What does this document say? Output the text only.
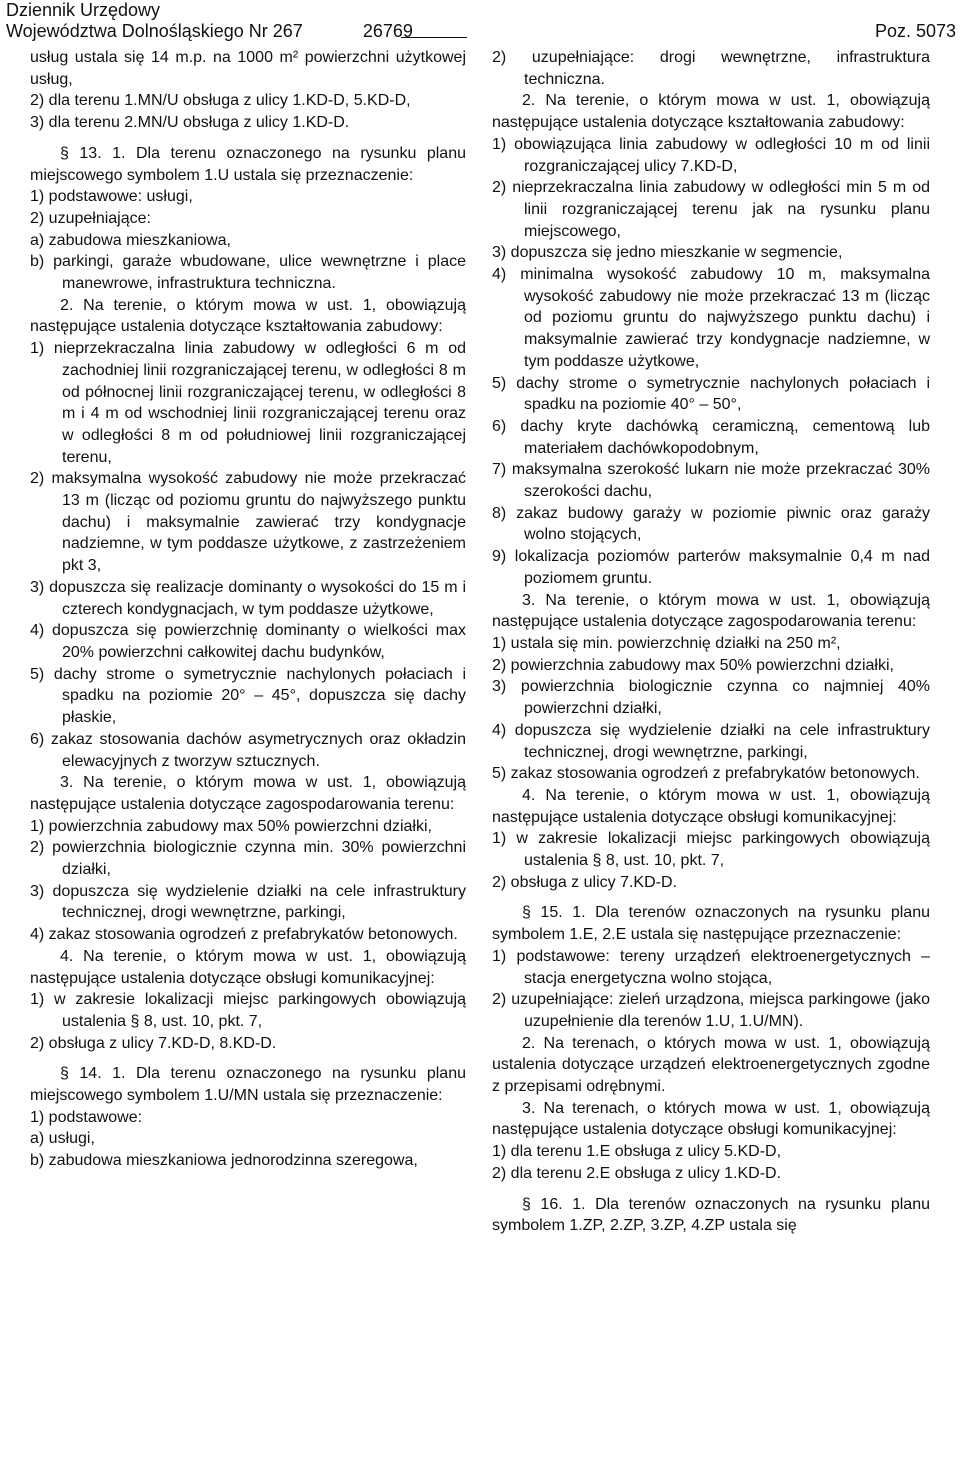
Dziennik Urzędowy
Województwa Dolnośląskiego Nr 267	26769	Poz. 5073

usług ustala się 14 m.p. na 1000 m² powierzchni użytkowej usług,

2) dla terenu 1.MN/U obsługa z ulicy 1.KD-D, 5.KD-D,

3) dla terenu 2.MN/U obsługa z ulicy 1.KD-D.

§ 13. 1. Dla terenu oznaczonego na rysunku planu miejscowego symbolem 1.U ustala się przeznaczenie:

1) podstawowe: usługi,

2) uzupełniające:

a) zabudowa mieszkaniowa,

b) parkingi, garaże wbudowane, ulice wewnętrzne i place manewrowe, infrastruktura techniczna.

2. Na terenie, o którym mowa w ust. 1, obowiązują następujące ustalenia dotyczące kształtowania zabudowy:

1) nieprzekraczalna linia zabudowy w odległości 6 m od zachodniej linii rozgraniczającej terenu, w odległości 8 m od północnej linii rozgraniczającej terenu, w odległości 8 m i 4 m od wschodniej linii rozgraniczającej terenu oraz w odległości 8 m od południowej linii rozgraniczającej terenu,

2) maksymalna wysokość zabudowy nie może przekraczać 13 m (licząc od poziomu gruntu do najwyższego punktu dachu) i maksymalnie zawierać trzy kondygnacje nadziemne, w tym poddasze użytkowe, z zastrzeżeniem pkt 3,

3) dopuszcza się realizacje dominanty o wysokości do 15 m i czterech kondygnacjach, w tym poddasze użytkowe,

4) dopuszcza się powierzchnię dominanty o wielkości max 20% powierzchni całkowitej dachu budynków,

5) dachy strome o symetrycznie nachylonych połaciach i spadku na poziomie 20° – 45°, dopuszcza się dachy płaskie,

6) zakaz stosowania dachów asymetrycznych oraz okładzin elewacyjnych z tworzyw sztucznych.

3. Na terenie, o którym mowa w ust. 1, obowiązują następujące ustalenia dotyczące zagospodarowania terenu:

1) powierzchnia zabudowy max 50% powierzchni działki,

2) powierzchnia biologicznie czynna min. 30% powierzchni działki,

3) dopuszcza się wydzielenie działki na cele infrastruktury technicznej, drogi wewnętrzne, parkingi,

4) zakaz stosowania ogrodzeń z prefabrykatów betonowych.

4. Na terenie, o którym mowa w ust. 1, obowiązują następujące ustalenia dotyczące obsługi komunikacyjnej:

1) w zakresie lokalizacji miejsc parkingowych obowiązują ustalenia § 8, ust. 10, pkt. 7,

2) obsługa z ulicy 7.KD-D, 8.KD-D.

§ 14. 1. Dla terenu oznaczonego na rysunku planu miejscowego symbolem 1.U/MN ustala się przeznaczenie:

1) podstawowe:

a) usługi,

b) zabudowa mieszkaniowa jednorodzinna szeregowa,

2) uzupełniające: drogi wewnętrzne, infrastruktura techniczna.

2. Na terenie, o którym mowa w ust. 1, obowiązują następujące ustalenia dotyczące kształtowania zabudowy:

1) obowiązująca linia zabudowy w odległości 10 m od linii rozgraniczającej ulicy 7.KD-D,

2) nieprzekraczalna linia zabudowy w odległości min 5 m od linii rozgraniczającej terenu jak na rysunku planu miejscowego,

3) dopuszcza się jedno mieszkanie w segmencie,

4) minimalna wysokość zabudowy 10 m, maksymalna wysokość zabudowy nie może przekraczać 13 m (licząc od poziomu gruntu do najwyższego punktu dachu) i maksymalnie zawierać trzy kondygnacje nadziemne, w tym poddasze użytkowe,

5) dachy strome o symetrycznie nachylonych połaciach i spadku na poziomie 40° – 50°,

6) dachy kryte dachówką ceramiczną, cementową lub materiałem dachówkopodobnym,

7) maksymalna szerokość lukarn nie może przekraczać 30% szerokości dachu,

8) zakaz budowy garaży w poziomie piwnic oraz garaży wolno stojących,

9) lokalizacja poziomów parterów maksymalnie 0,4 m nad poziomem gruntu.

3. Na terenie, o którym mowa w ust. 1, obowiązują następujące ustalenia dotyczące zagospodarowania terenu:

1) ustala się min. powierzchnię działki na 250 m²,

2) powierzchnia zabudowy max 50% powierzchni działki,

3) powierzchnia biologicznie czynna co najmniej 40% powierzchni działki,

4) dopuszcza się wydzielenie działki na cele infrastruktury technicznej, drogi wewnętrzne, parkingi,

5) zakaz stosowania ogrodzeń z prefabrykatów betonowych.

4. Na terenie, o którym mowa w ust. 1, obowiązują następujące ustalenia dotyczące obsługi komunikacyjnej:

1) w zakresie lokalizacji miejsc parkingowych obowiązują ustalenia § 8, ust. 10, pkt. 7,

2) obsługa z ulicy 7.KD-D.

§ 15. 1. Dla terenów oznaczonych na rysunku planu symbolem 1.E, 2.E ustala się następujące przeznaczenie:

1) podstawowe: tereny urządzeń elektroenergetycznych – stacja energetyczna wolno stojąca,

2) uzupełniające: zieleń urządzona, miejsca parkingowe (jako uzupełnienie dla terenów 1.U, 1.U/MN).

2. Na terenach, o których mowa w ust. 1, obowiązują ustalenia dotyczące urządzeń elektroenergetycznych zgodne z przepisami odrębnymi.

3. Na terenach, o których mowa w ust. 1, obowiązują następujące ustalenia dotyczące obsługi komunikacyjnej:

1) dla terenu 1.E obsługa z ulicy 5.KD-D,

2) dla terenu 2.E obsługa z ulicy 1.KD-D.

§ 16. 1. Dla terenów oznaczonych na rysunku planu symbolem 1.ZP, 2.ZP, 3.ZP, 4.ZP ustala się
